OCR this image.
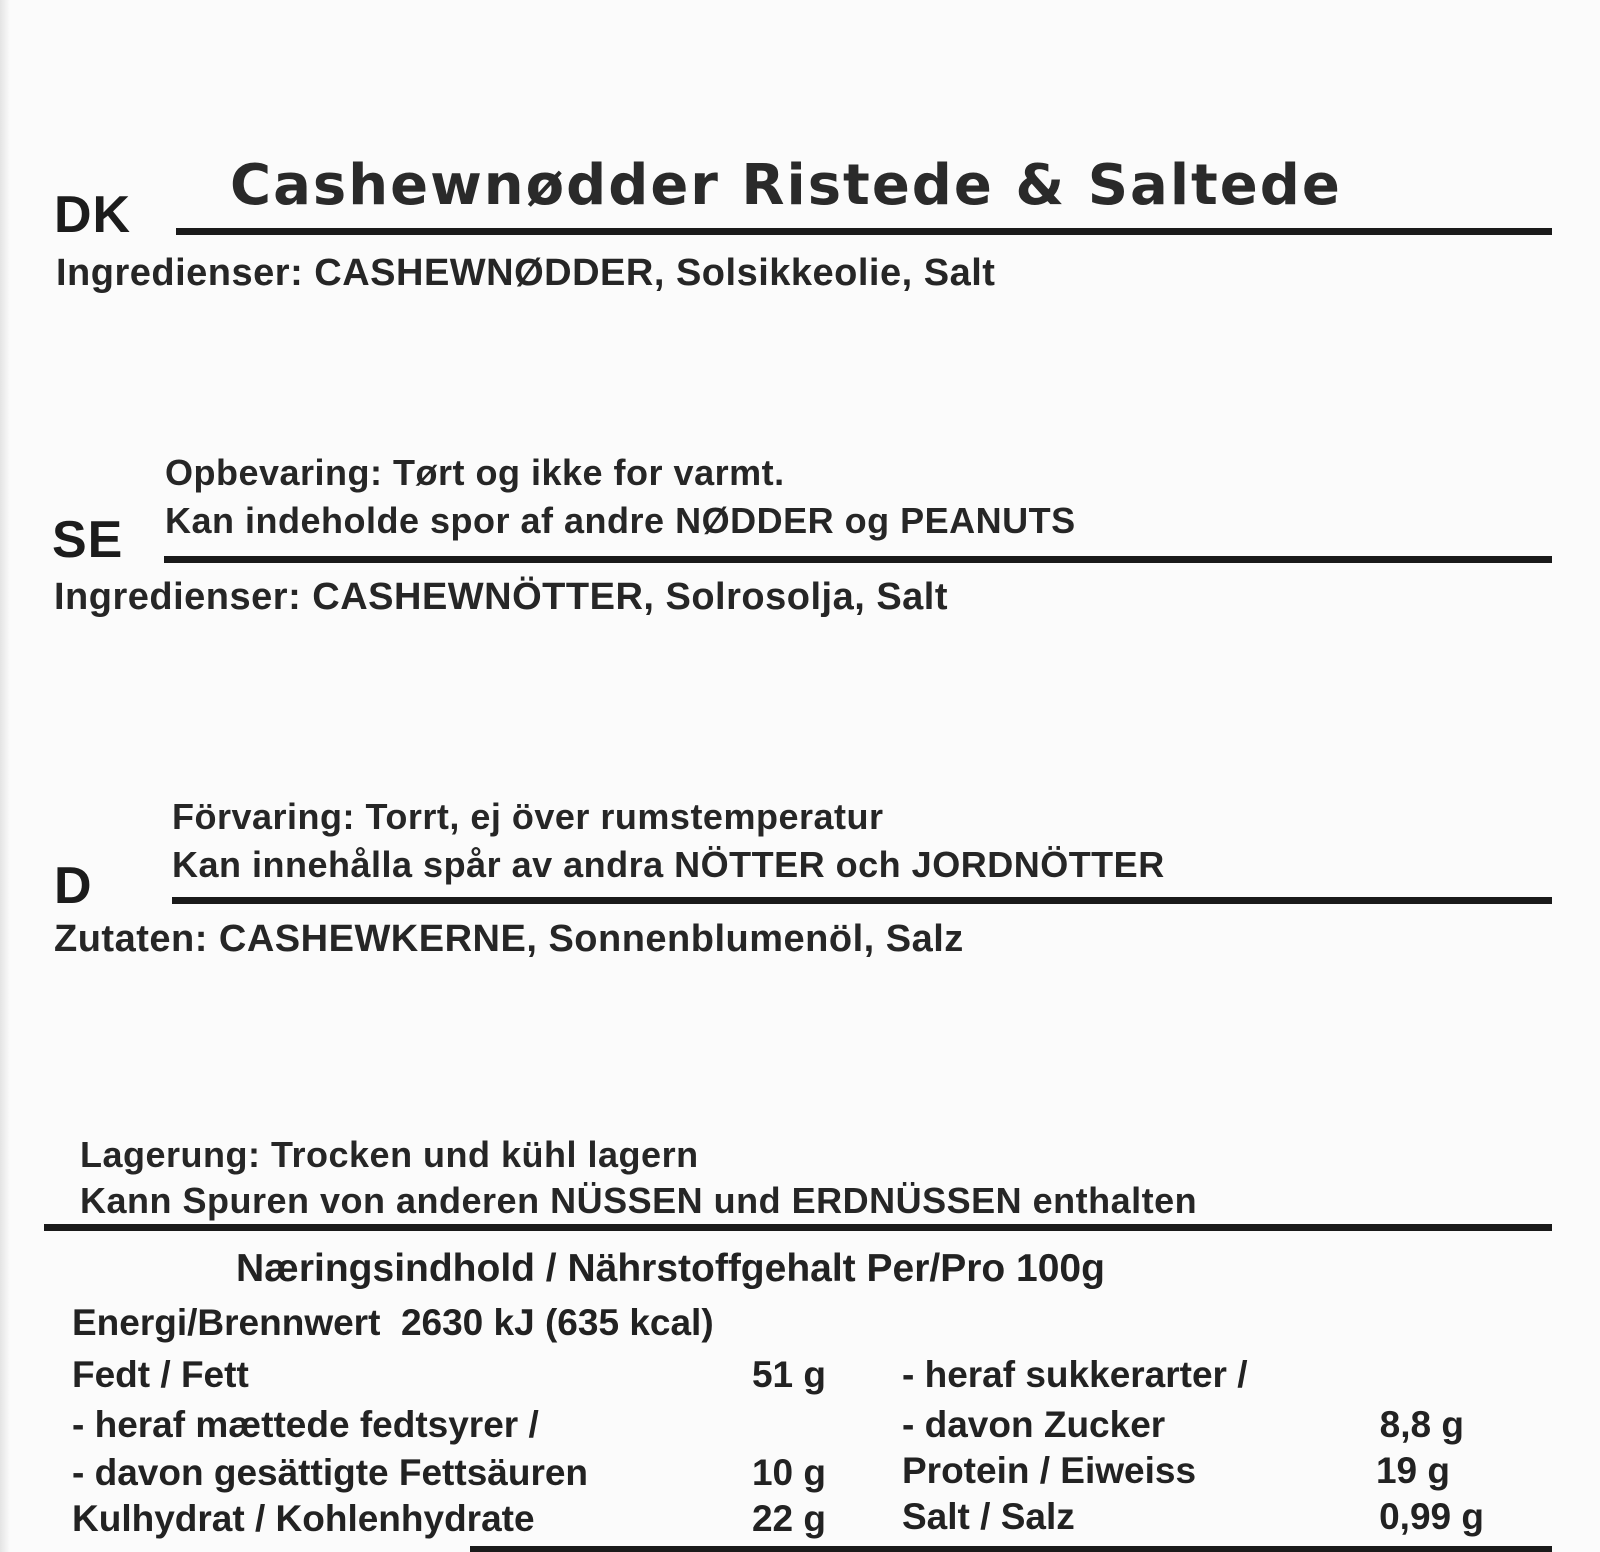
DK Cashewnødder Ristede & Saltede
Ingredienser: CASHEWNØDDER, Solsikkeolie, Salt
Opbevaring: Tørt og ikke for varmt.
Kan indeholde spor af andre NØDDER og PEANUTS
SE
Ingredienser: CASHEWNÖTTER, Solrosolja, Salt
Förvaring: Torrt, ej över rumstemperatur
Kan innehålla spår av andra NÖTTER och JORDNÖTTER
D
Zutaten: CASHEWKERNE, Sonnenblumenöl, Salz
Lagerung: Trocken und kühl lagern
Kann Spuren von anderen NÜSSEN und ERDNÜSSEN enthalten
Næringsindhold / Nährstoffgehalt Per/Pro 100g
Energi/Brennwert  2630 kJ (635 kcal)
Fedt / Fett	51 g
- heraf mættede fedtsyrer /
- davon gesättigte Fettsäuren	10 g
Kulhydrat / Kohlenhydrate	22 g
- heraf sukkerarter /
- davon Zucker	8,8 g
Protein / Eiweiss	19 g
Salt / Salz	0,99 g
